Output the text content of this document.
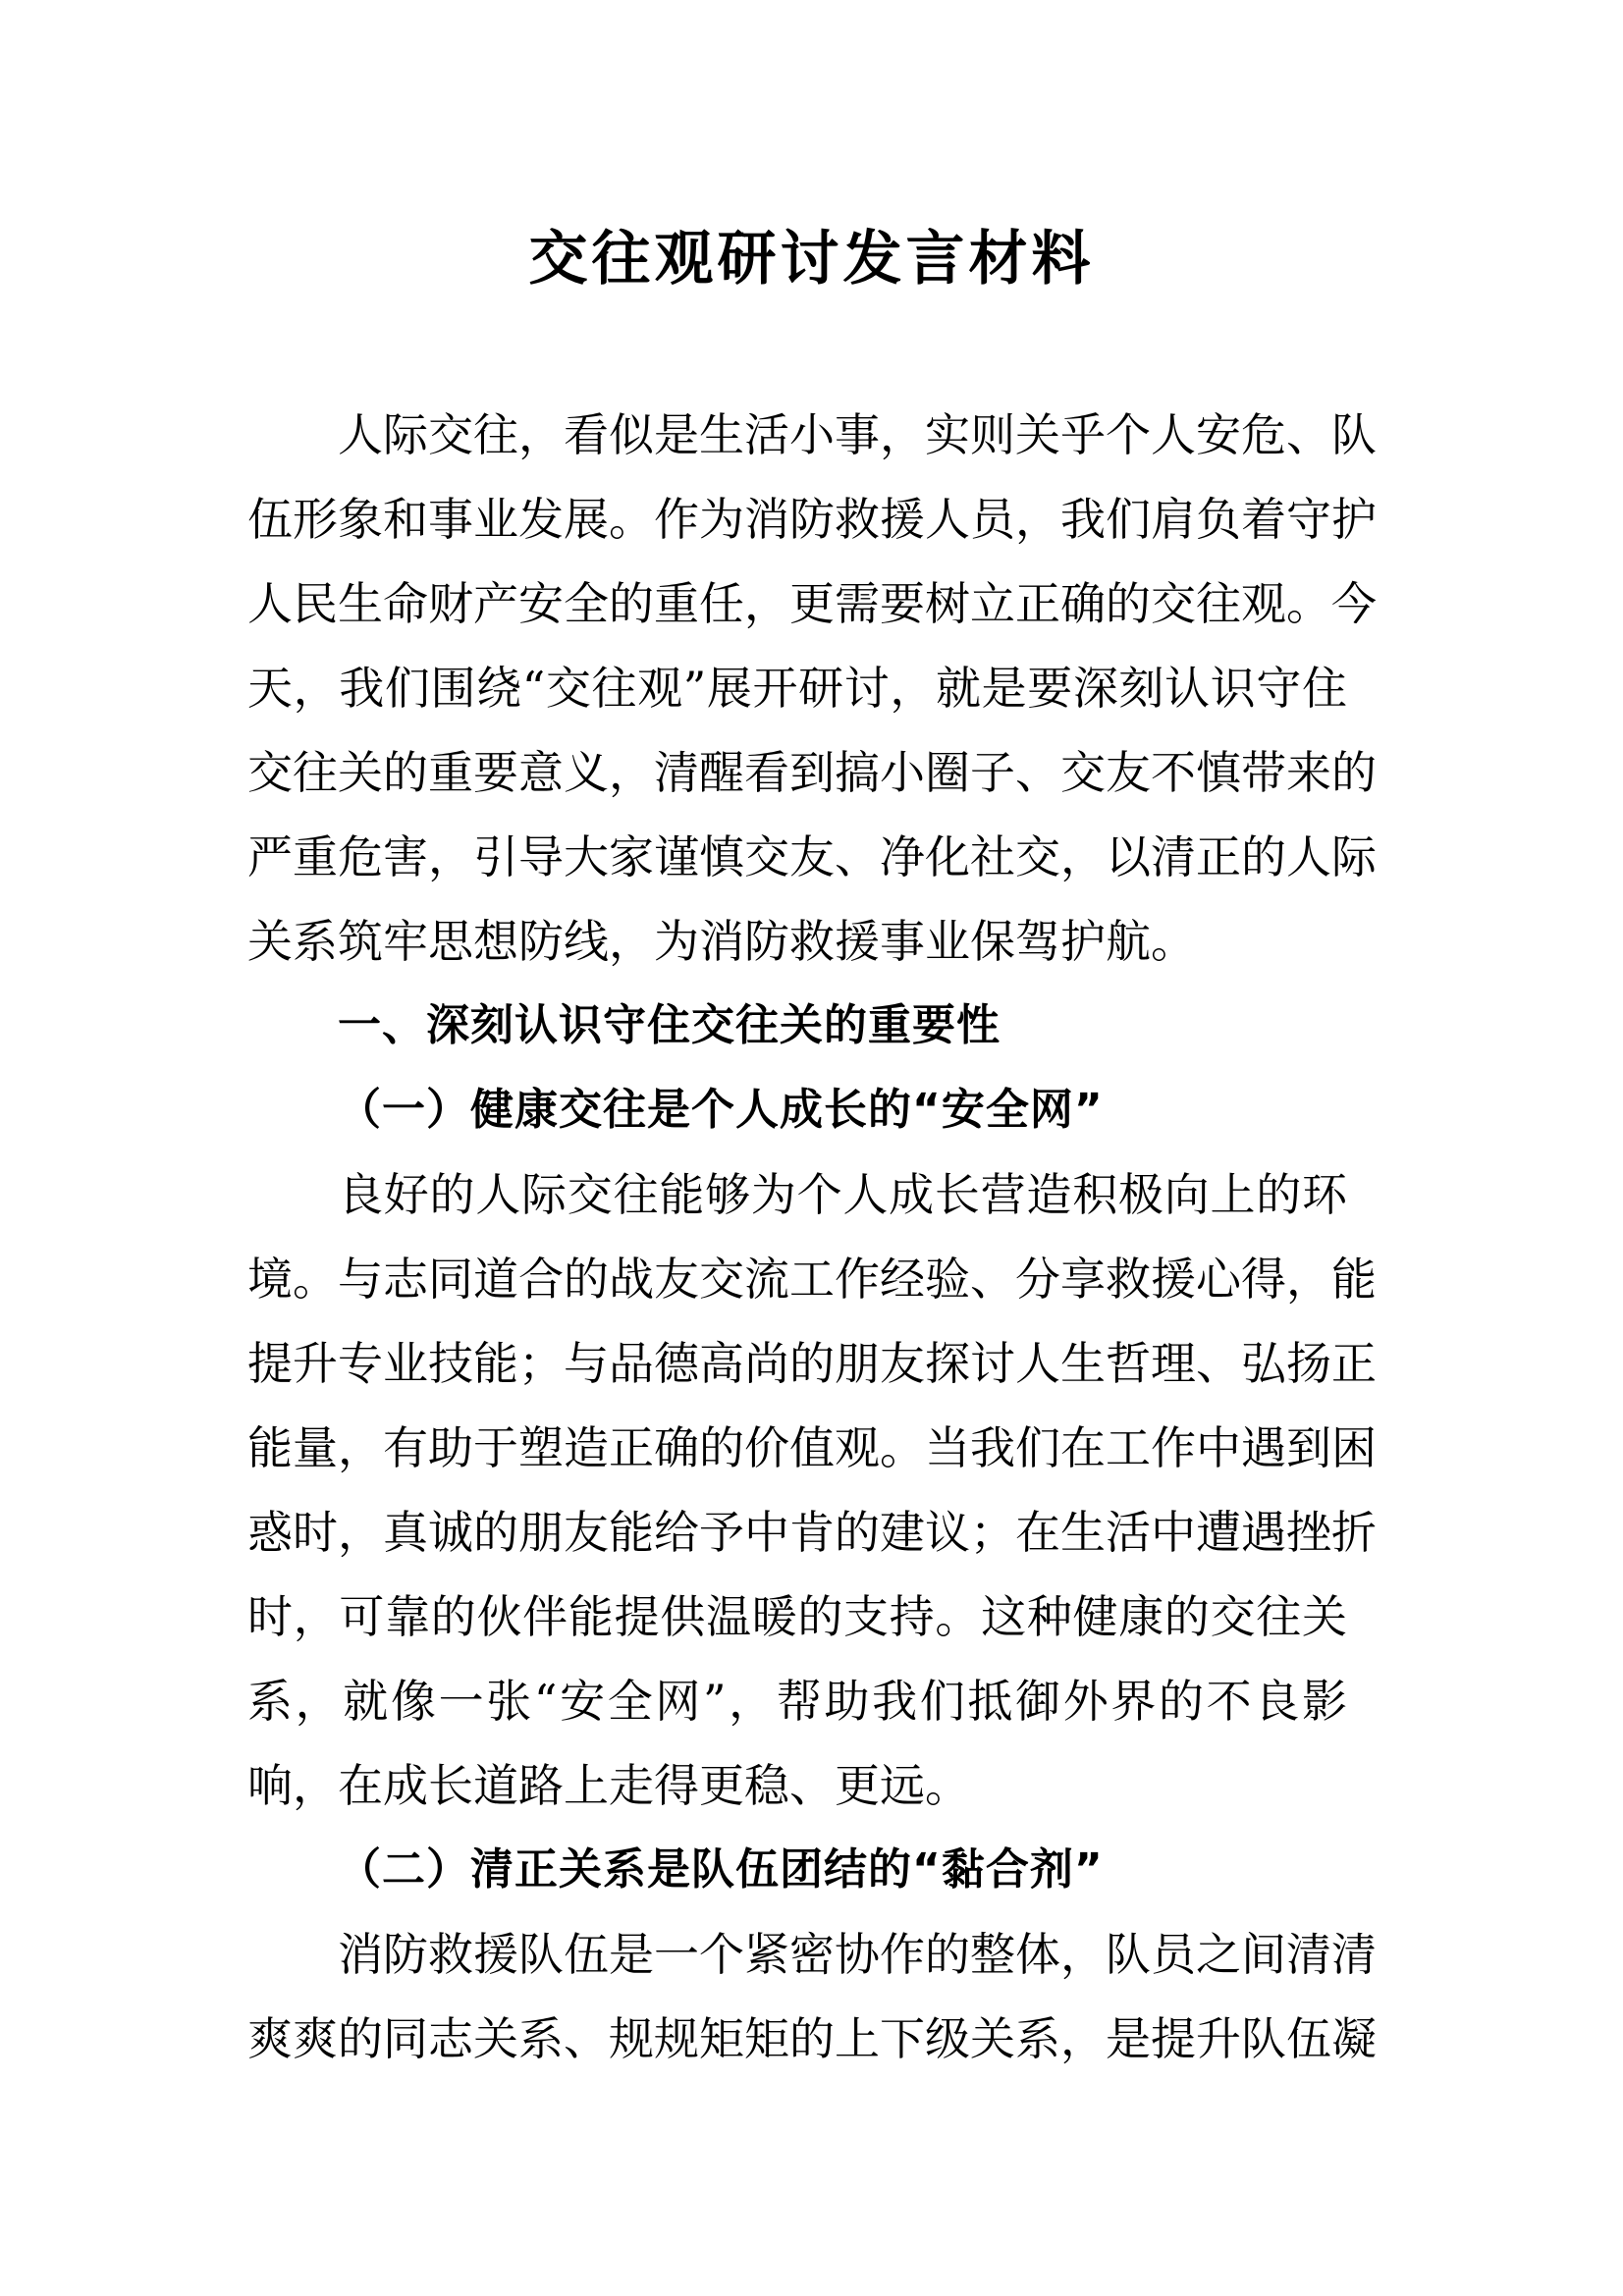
交往观研讨发言材料
人际交往，看似是生活小事，实则关乎个人安危、队
伍形象和事业发展。作为消防救援人员，我们肩负着守护
人民生命财产安全的重任，更需要树立正确的交往观。今
天，我们围绕“交往观”展开研讨，就是要深刻认识守住
交往关的重要意义，清醒看到搞小圈子、交友不慎带来的
严重危害，引导大家谨慎交友、净化社交，以清正的人际
关系筑牢思想防线，为消防救援事业保驾护航。
一、深刻认识守住交往关的重要性
（一）健康交往是个人成长的“安全网”
良好的人际交往能够为个人成长营造积极向上的环
境。与志同道合的战友交流工作经验、分享救援心得，能
提升专业技能；与品德高尚的朋友探讨人生哲理、弘扬正
能量，有助于塑造正确的价值观。当我们在工作中遇到困
惑时，真诚的朋友能给予中肯的建议；在生活中遭遇挫折
时，可靠的伙伴能提供温暖的支持。这种健康的交往关
系，就像一张“安全网”，帮助我们抵御外界的不良影
响，在成长道路上走得更稳、更远。
（二）清正关系是队伍团结的“黏合剂”
消防救援队伍是一个紧密协作的整体，队员之间清清
爽爽的同志关系、规规矩矩的上下级关系，是提升队伍凝
